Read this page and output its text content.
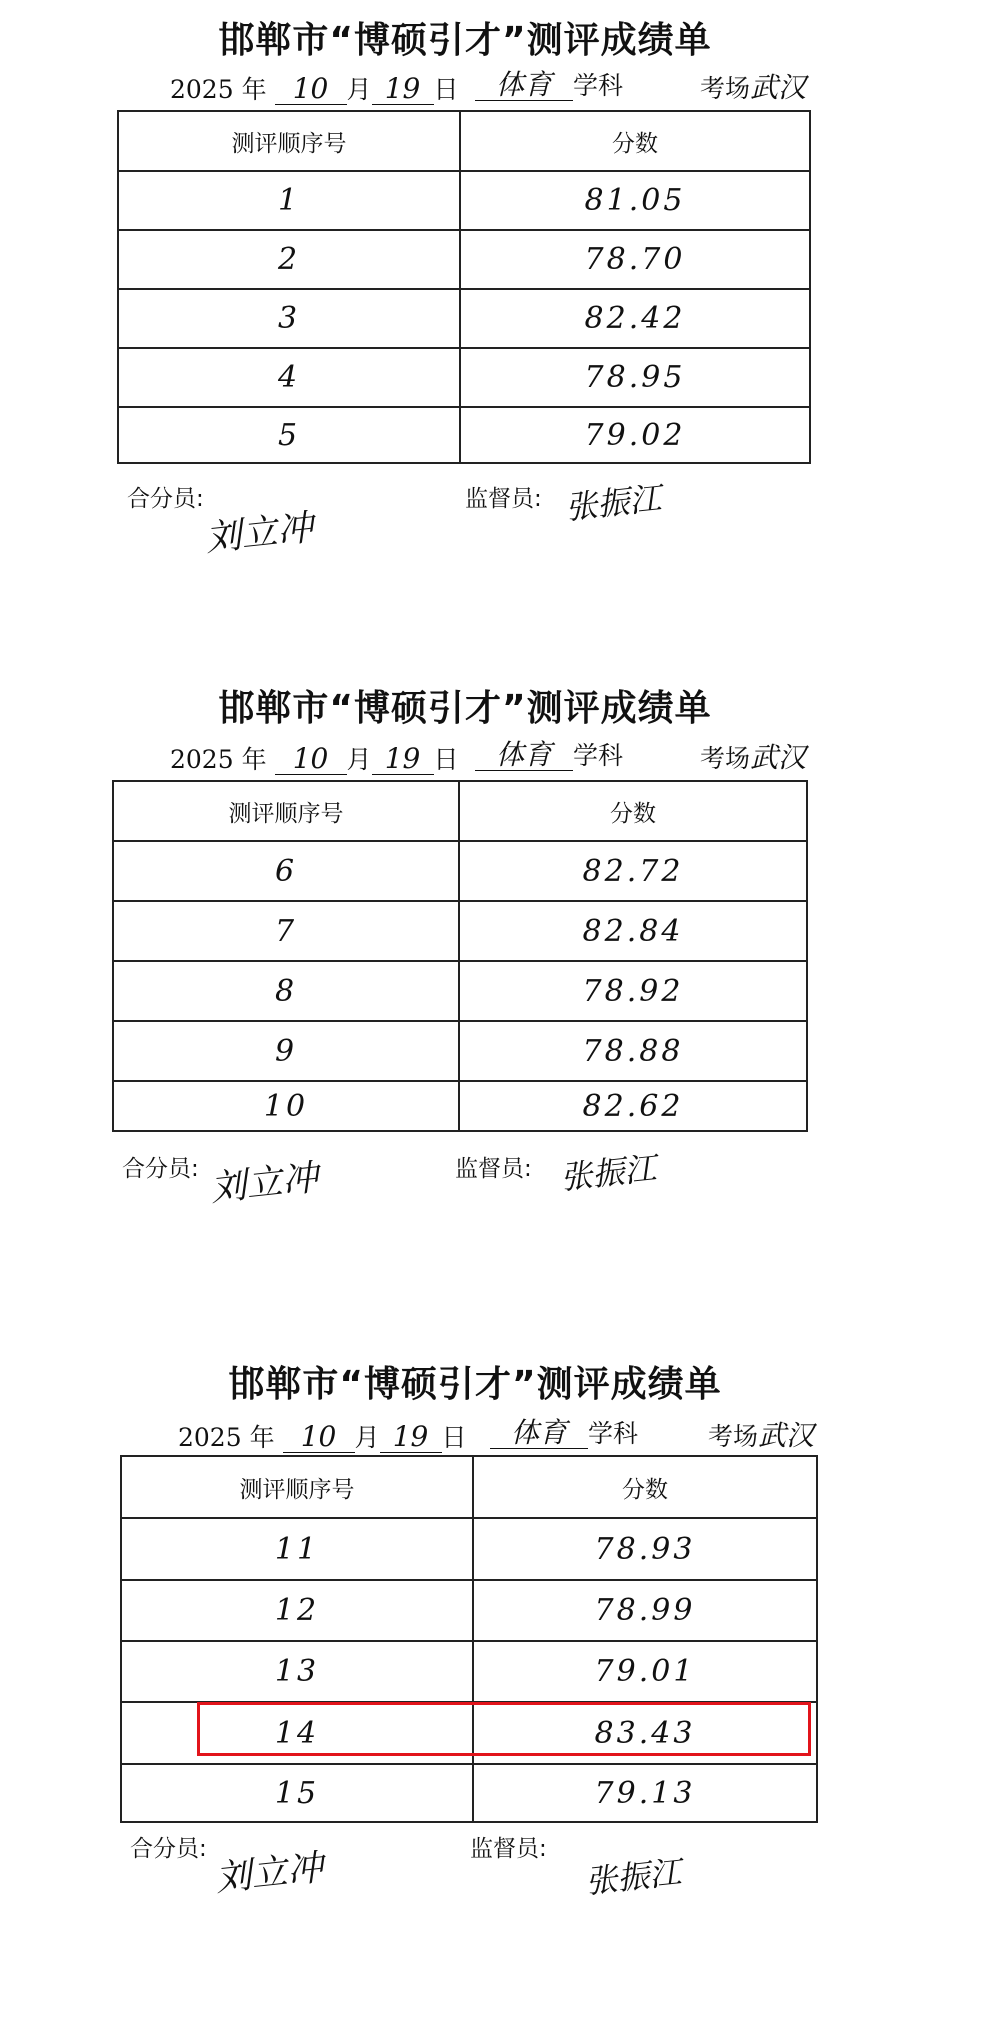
邯郸市“博硕引才”测评成绩单
2025 年 10 月 19 日	体育 学科	考场武汉
测评顺序号	分数
1	81.05
2	78.70
3	82.42
4	78.95
5	79.02
合分员:
刘立冲
监督员: 张振江
邯郸市“博硕引才”测评成绩单
2025 年 10 月 19 日	体育 学科	考场武汉
测评顺序号	分数
6	82.72
7	82.84
8	78.92
9	78.88
10	82.62
合分员: 刘立冲	监督员: 张振江
邯郸市“博硕引才”测评成绩单
2025 年 10 月 19 日	体育 学科	考场武汉
测评顺序号	分数
11	78.93
12	78.99
13	79.01
14	83.43
15	79.13
合分员: 刘立冲	监督员:
张振江
